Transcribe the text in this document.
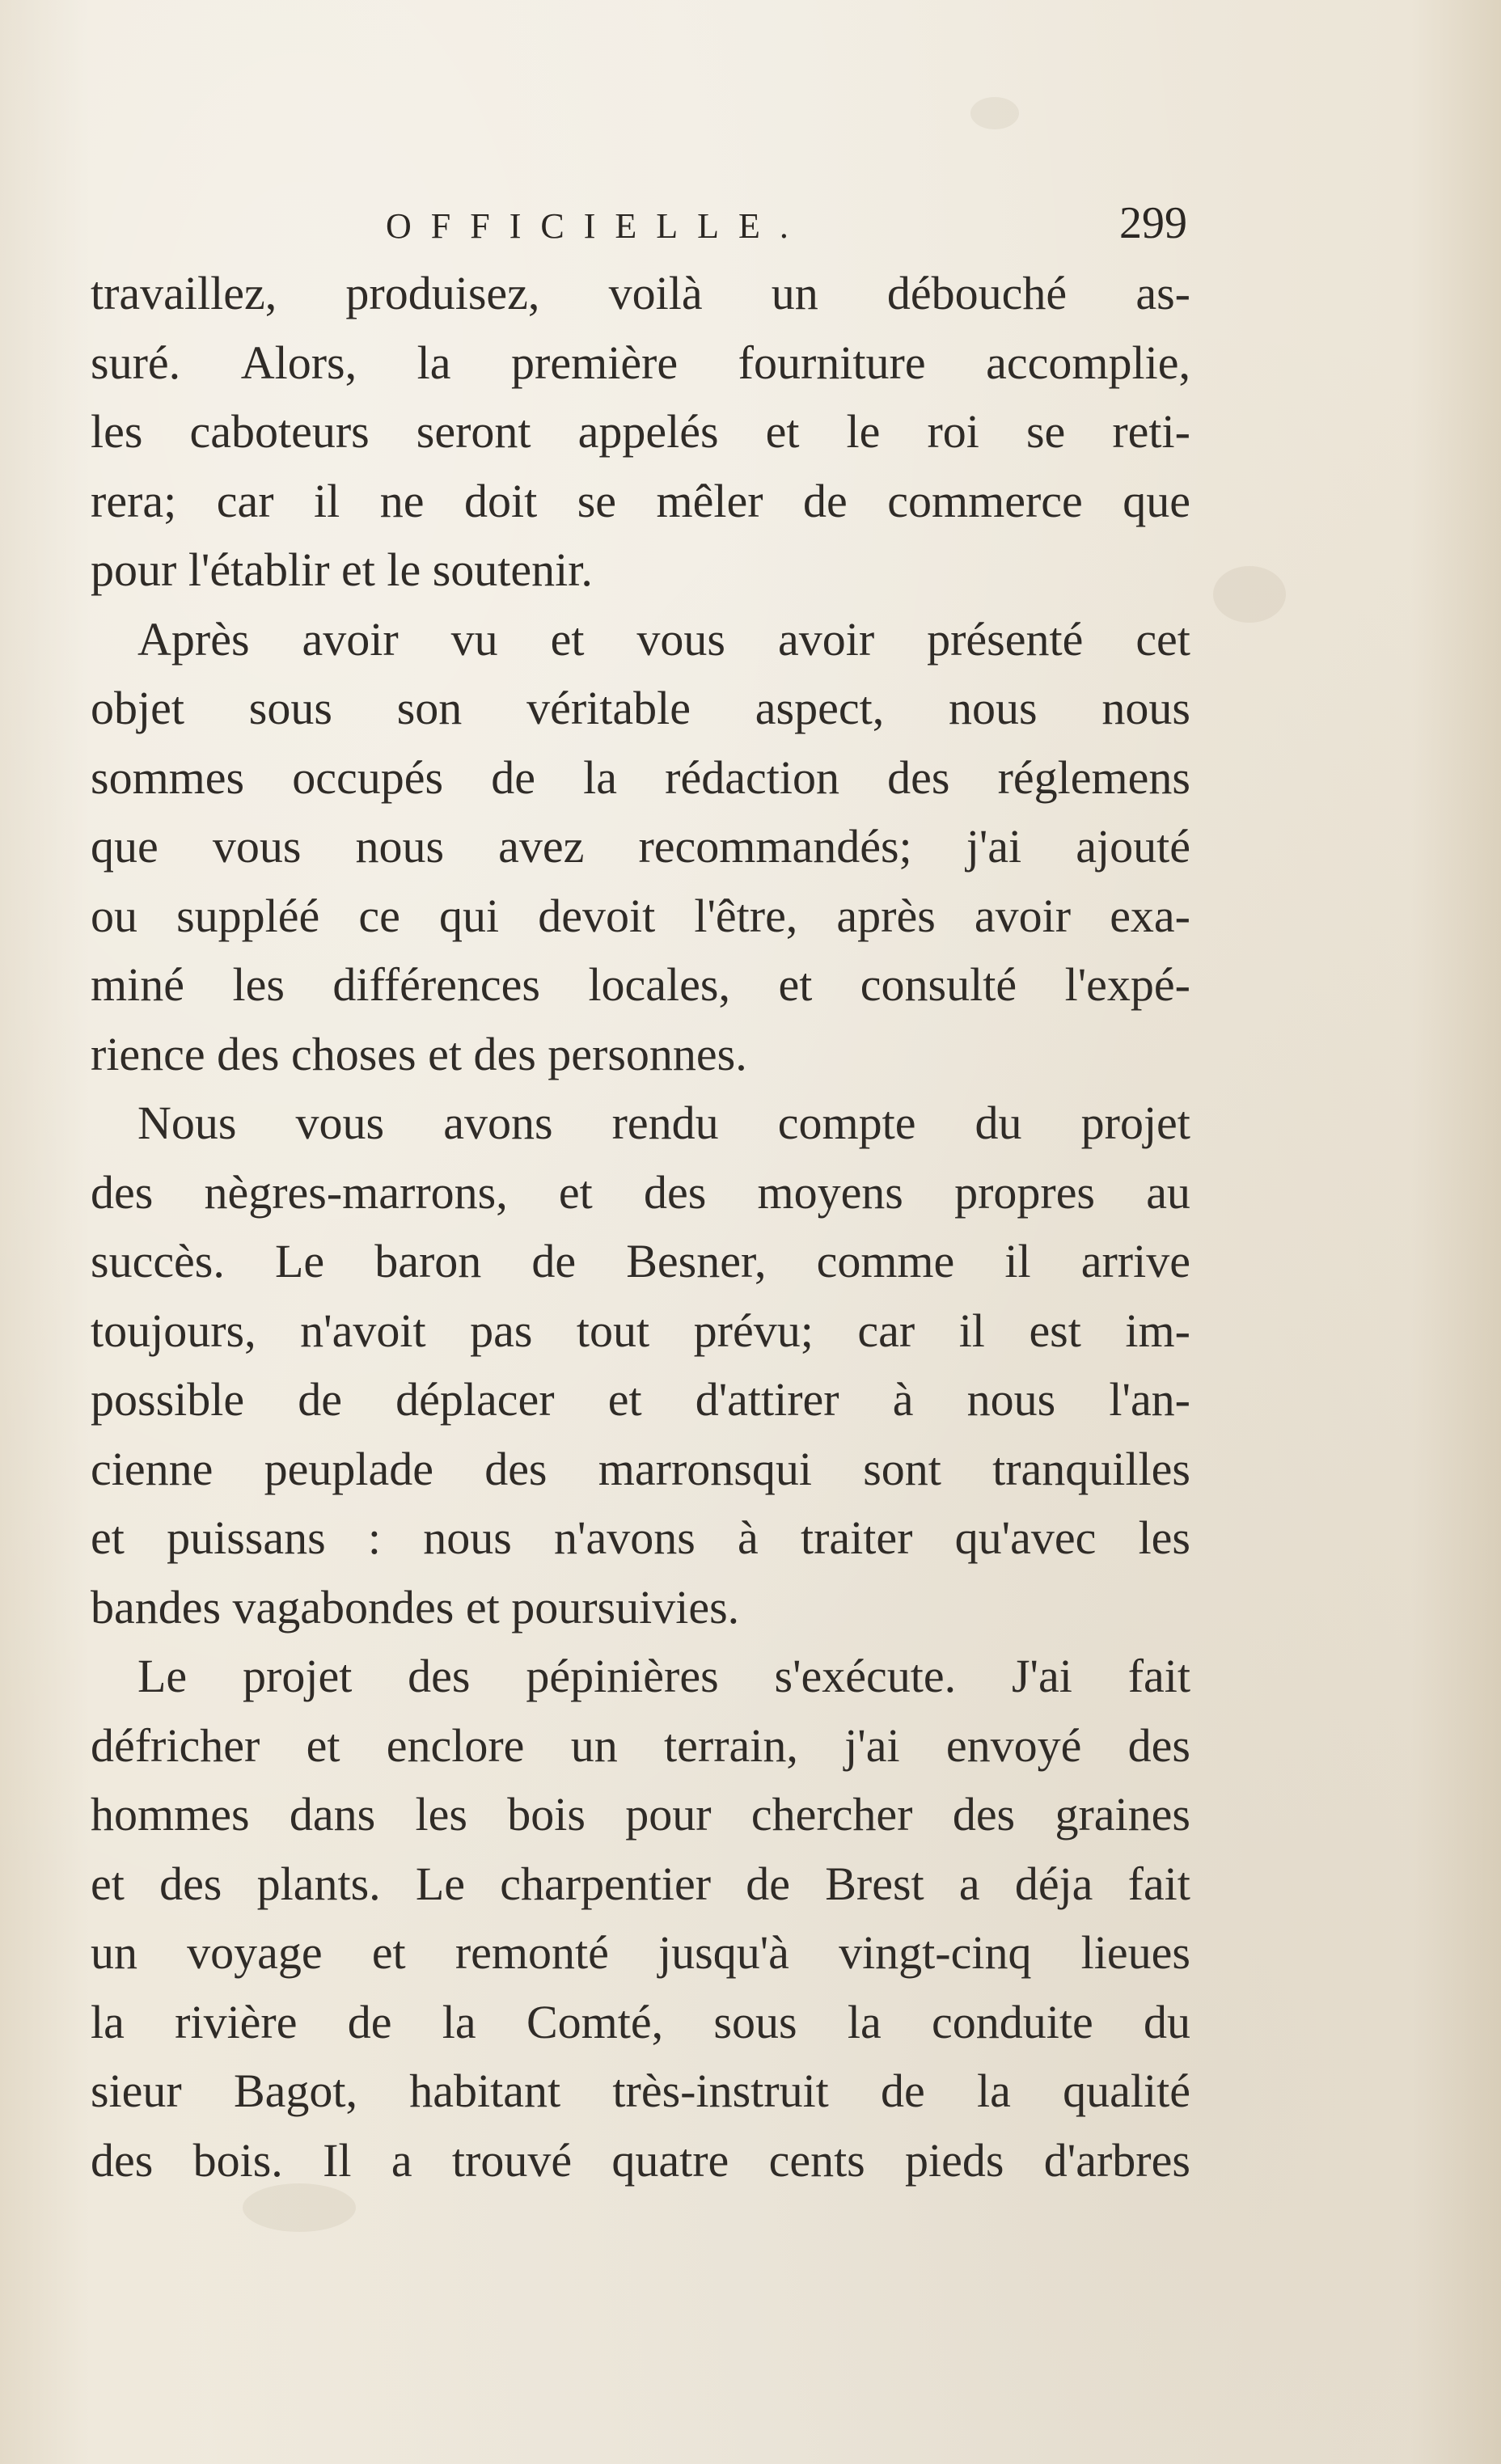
OFFICIELLE.	299
travaillez, produisez, voilà un débouché as-
suré. Alors, la première fourniture accomplie,
les caboteurs seront appelés et le roi se reti-
rera; car il ne doit se mêler de commerce que
pour l'établir et le soutenir.
Après avoir vu et vous avoir présenté cet
objet sous son véritable aspect, nous nous
sommes occupés de la rédaction des réglemens
que vous nous avez recommandés; j'ai ajouté
ou suppléé ce qui devoit l'être, après avoir exa-
miné les différences locales, et consulté l'expé-
rience des choses et des personnes.
Nous vous avons rendu compte du projet
des nègres-marrons, et des moyens propres au
succès. Le baron de Besner, comme il arrive
toujours, n'avoit pas tout prévu; car il est im-
possible de déplacer et d'attirer à nous l'an-
cienne peuplade des marronsqui sont tranquilles
et puissans : nous n'avons à traiter qu'avec les
bandes vagabondes et poursuivies.
Le projet des pépinières s'exécute. J'ai fait
défricher et enclore un terrain, j'ai envoyé des
hommes dans les bois pour chercher des graines
et des plants. Le charpentier de Brest a déja fait
un voyage et remonté jusqu'à vingt-cinq lieues
la rivière de la Comté, sous la conduite du
sieur Bagot, habitant très-instruit de la qualité
des bois. Il a trouvé quatre cents pieds d'arbres
